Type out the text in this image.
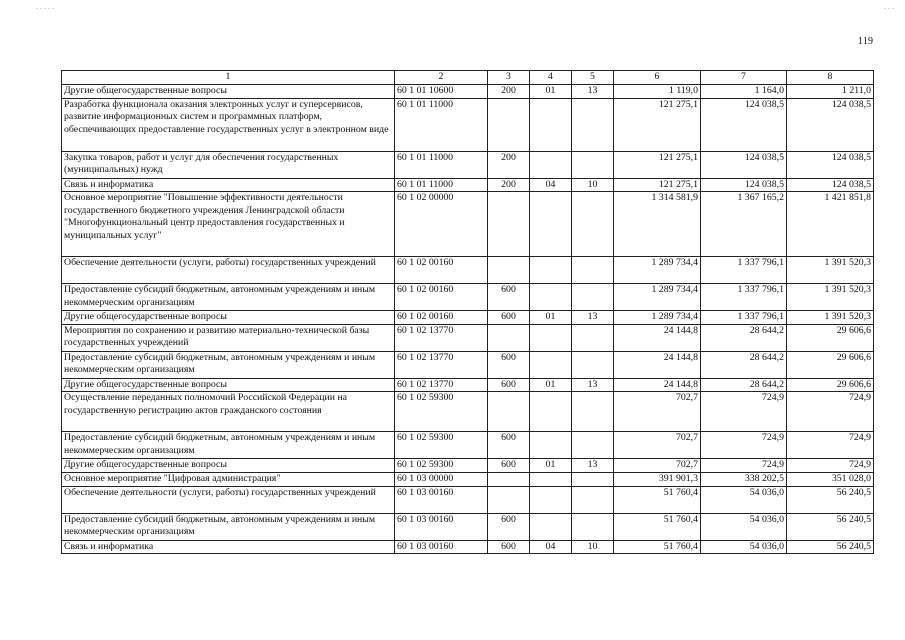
. . . . .	. . .
119
1	2	3	4	5	6	7	8
Другие общегосударственные вопросы	60 1 01 10600	200	01	13	1 119,0	1 164,0	1 211,0
Разработка функционала оказания электронных услуг и суперсервисов, развитие информационных систем и программных платформ, обеспечивающих предоставление государственных услуг в электронном виде	60 1 01 11000				121 275,1	124 038,5	124 038,5
Закупка товаров, работ и услуг для обеспечения государственных (муниципальных) нужд	60 1 01 11000	200			121 275,1	124 038,5	124 038,5
Связь и информатика	60 1 01 11000	200	04	10	121 275,1	124 038,5	124 038,5
Основное мероприятие "Повышение эффективности деятельности государственного бюджетного учреждения Ленинградской области "Многофункциональный центр предоставления государственных и муниципальных услуг"	60 1 02 00000				1 314 581,9	1 367 165,2	1 421 851,8
Обеспечение деятельности (услуги, работы) государственных учреждений	60 1 02 00160				1 289 734,4	1 337 796,1	1 391 520,3
Предоставление субсидий бюджетным, автономным учреждениям и иным некоммерческим организациям	60 1 02 00160	600			1 289 734,4	1 337 796,1	1 391 520,3
Другие общегосударственные вопросы	60 1 02 00160	600	01	13	1 289 734,4	1 337 796,1	1 391 520,3
Мероприятия по сохранению и развитию материально-технической базы государственных учреждений	60 1 02 13770				24 144,8	28 644,2	29 606,6
Предоставление субсидий бюджетным, автономным учреждениям и иным некоммерческим организациям	60 1 02 13770	600			24 144,8	28 644,2	29 606,6
Другие общегосударственные вопросы	60 1 02 13770	600	01	13	24 144,8	28 644,2	29 606,6
Осуществление переданных полномочий Российской Федерации на государственную регистрацию актов гражданского состояния	60 1 02 59300				702,7	724,9	724,9
Предоставление субсидий бюджетным, автономным учреждениям и иным некоммерческим организациям	60 1 02 59300	600			702,7	724,9	724,9
Другие общегосударственные вопросы	60 1 02 59300	600	01	13	702,7	724,9	724,9
Основное мероприятие "Цифровая администрация"	60 1 03 00000				391 901,3	338 202,5	351 028,0
Обеспечение деятельности (услуги, работы) государственных учреждений	60 1 03 00160				51 760,4	54 036,0	56 240,5
Предоставление субсидий бюджетным, автономным учреждениям и иным некоммерческим организациям	60 1 03 00160	600			51 760,4	54 036,0	56 240,5
Связь и информатика	60 1 03 00160	600	04	10	51 760,4	54 036,0	56 240,5
